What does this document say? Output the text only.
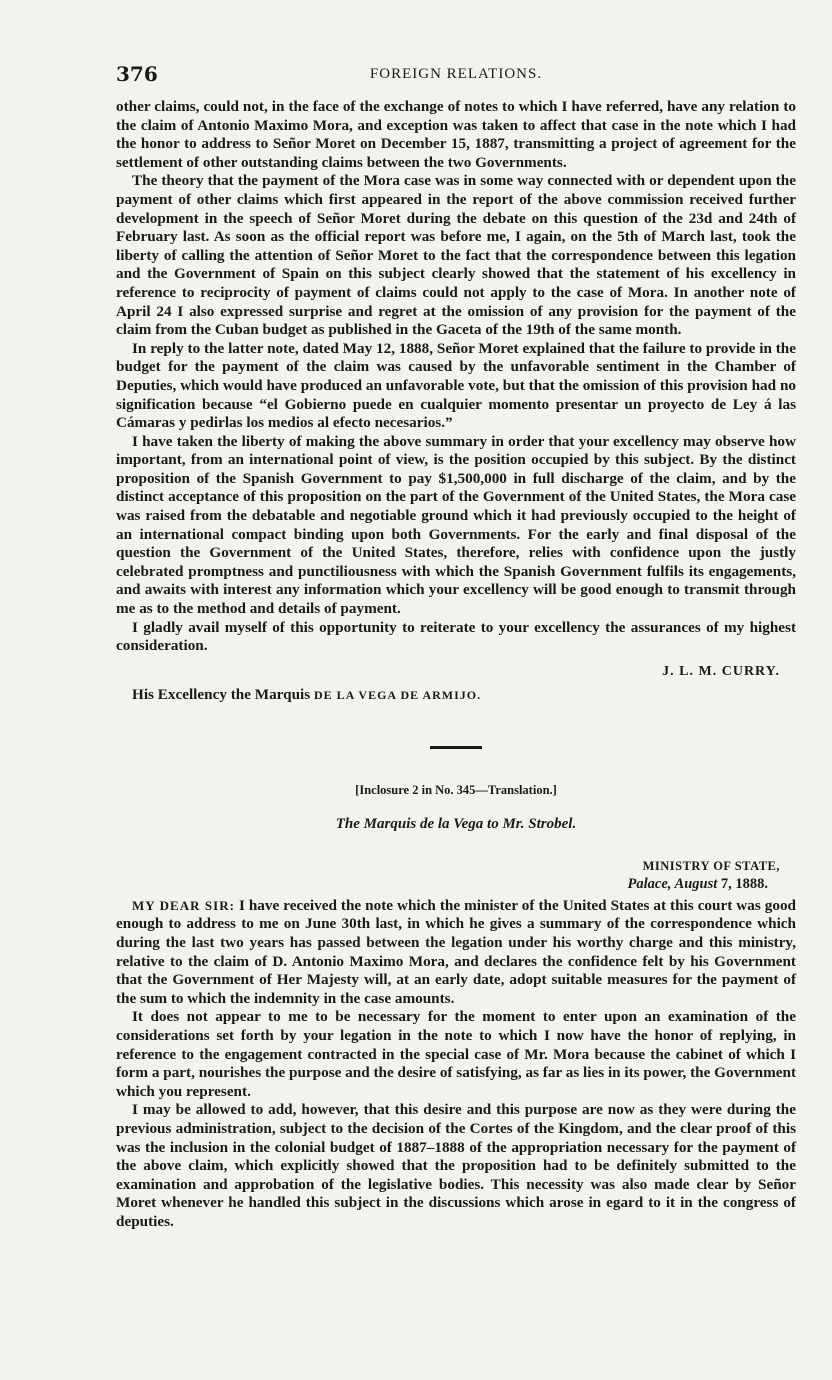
376	FOREIGN RELATIONS.

other claims, could not, in the face of the exchange of notes to which I have referred, have any relation to the claim of Antonio Maximo Mora, and exception was taken to affect that case in the note which I had the honor to address to Señor Moret on December 15, 1887, transmitting a project of agreement for the settlement of other outstanding claims between the two Governments.

The theory that the payment of the Mora case was in some way connected with or dependent upon the payment of other claims which first appeared in the report of the above commission received further development in the speech of Señor Moret during the debate on this question of the 23d and 24th of February last. As soon as the official report was before me, I again, on the 5th of March last, took the liberty of calling the attention of Señor Moret to the fact that the correspondence between this legation and the Government of Spain on this subject clearly showed that the statement of his excellency in reference to reciprocity of payment of claims could not apply to the case of Mora. In another note of April 24 I also expressed surprise and regret at the omission of any provision for the payment of the claim from the Cuban budget as published in the Gaceta of the 19th of the same month.

In reply to the latter note, dated May 12, 1888, Señor Moret explained that the failure to provide in the budget for the payment of the claim was caused by the unfavorable sentiment in the Chamber of Deputies, which would have produced an unfavorable vote, but that the omission of this provision had no signification because “el Gobierno puede en cualquier momento presentar un proyecto de Ley á las Cámaras y pedirlas los medios al efecto necesarios.”

I have taken the liberty of making the above summary in order that your excellency may observe how important, from an international point of view, is the position occupied by this subject. By the distinct proposition of the Spanish Government to pay $1,500,000 in full discharge of the claim, and by the distinct acceptance of this proposition on the part of the Government of the United States, the Mora case was raised from the debatable and negotiable ground which it had previously occupied to the height of an international compact binding upon both Governments. For the early and final disposal of the question the Government of the United States, therefore, relies with confidence upon the justly celebrated promptness and punctiliousness with which the Spanish Government fulfils its engagements, and awaits with interest any information which your excellency will be good enough to transmit through me as to the method and details of payment.

I gladly avail myself of this opportunity to reiterate to your excellency the assurances of my highest consideration.

J. L. M. CURRY.
His Excellency the Marquis DE LA VEGA DE ARMIJO.
[Inclosure 2 in No. 345—Translation.]
The Marquis de la Vega to Mr. Strobel.
MINISTRY OF STATE,
Palace, August 7, 1888.

MY DEAR SIR: I have received the note which the minister of the United States at this court was good enough to address to me on June 30th last, in which he gives a summary of the correspondence which during the last two years has passed between the legation under his worthy charge and this ministry, relative to the claim of D. Antonio Maximo Mora, and declares the confidence felt by his Government that the Government of Her Majesty will, at an early date, adopt suitable measures for the payment of the sum to which the indemnity in the case amounts.

It does not appear to me to be necessary for the moment to enter upon an examination of the considerations set forth by your legation in the note to which I now have the honor of replying, in reference to the engagement contracted in the special case of Mr. Mora because the cabinet of which I form a part, nourishes the purpose and the desire of satisfying, as far as lies in its power, the Government which you represent.

I may be allowed to add, however, that this desire and this purpose are now as they were during the previous administration, subject to the decision of the Cortes of the Kingdom, and the clear proof of this was the inclusion in the colonial budget of 1887–1888 of the appropriation necessary for the payment of the above claim, which explicitly showed that the proposition had to be definitely submitted to the examination and approbation of the legislative bodies. This necessity was also made clear by Señor Moret whenever he handled this subject in the discussions which arose in egard to it in the congress of deputies.
